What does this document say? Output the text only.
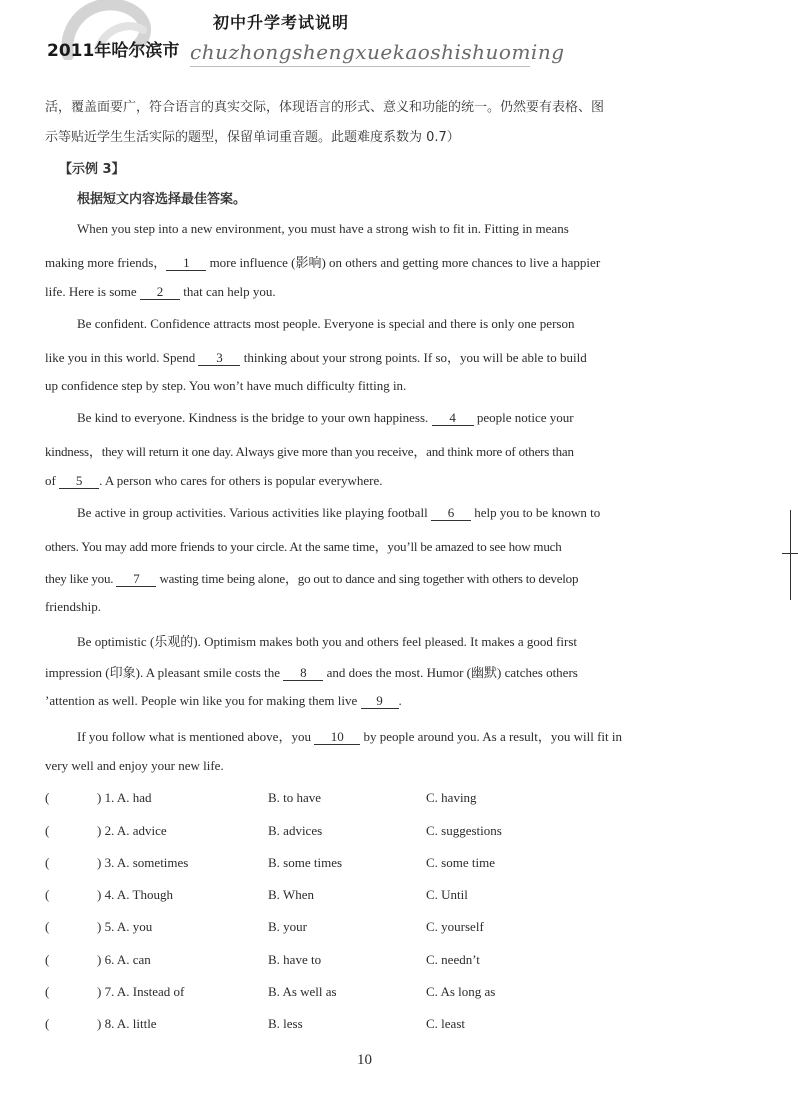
2011年哈尔滨市
初中升学考试说明
chuzhongshengxuekaoshishuoming
活，覆盖面要广，符合语言的真实交际，体现语言的形式、意义和功能的统一。仍然要有表格、图
示等贴近学生生活实际的题型，保留单词重音题。此题难度系数为 0.7）
【示例 3】
根据短文内容选择最佳答案。
When you step into a new environment, you must have a strong wish to fit in. Fitting in means
making more friends， 1 more influence (影响) on others and getting more chances to live a happier
life. Here is some 2 that can help you.
Be confident. Confidence attracts most people. Everyone is special and there is only one person
like you in this world. Spend 3 thinking about your strong points. If so，you will be able to build
up confidence step by step. You won’t have much difficulty fitting in.
Be kind to everyone. Kindness is the bridge to your own happiness. 4 people notice your
kindness，they will return it one day. Always give more than you receive，and think more of others than
of 5 . A person who cares for others is popular everywhere.
Be active in group activities. Various activities like playing football 6 help you to be known to
others. You may add more friends to your circle. At the same time，you’ll be amazed to see how much
they like you. 7 wasting time being alone，go out to dance and sing together with others to develop
friendship.
Be optimistic (乐观的). Optimism makes both you and others feel pleased. It makes a good first
impression (印象). A pleasant smile costs the 8 and does the most. Humor (幽默) catches others
’attention as well. People win like you for making them live 9 .
If you follow what is mentioned above，you 10 by people around you. As a result，you will fit in
very well and enjoy your new life.
(	) 1. A. had	B. to have	C. having
(	) 2. A. advice	B. advices	C. suggestions
(	) 3. A. sometimes	B. some times	C. some time
(	) 4. A. Though	B. When	C. Until
(	) 5. A. you	B. your	C. yourself
(	) 6. A. can	B. have to	C. needn’t
(	) 7. A. Instead of	B. As well as	C. As long as
(	) 8. A. little	B. less	C. least
10
